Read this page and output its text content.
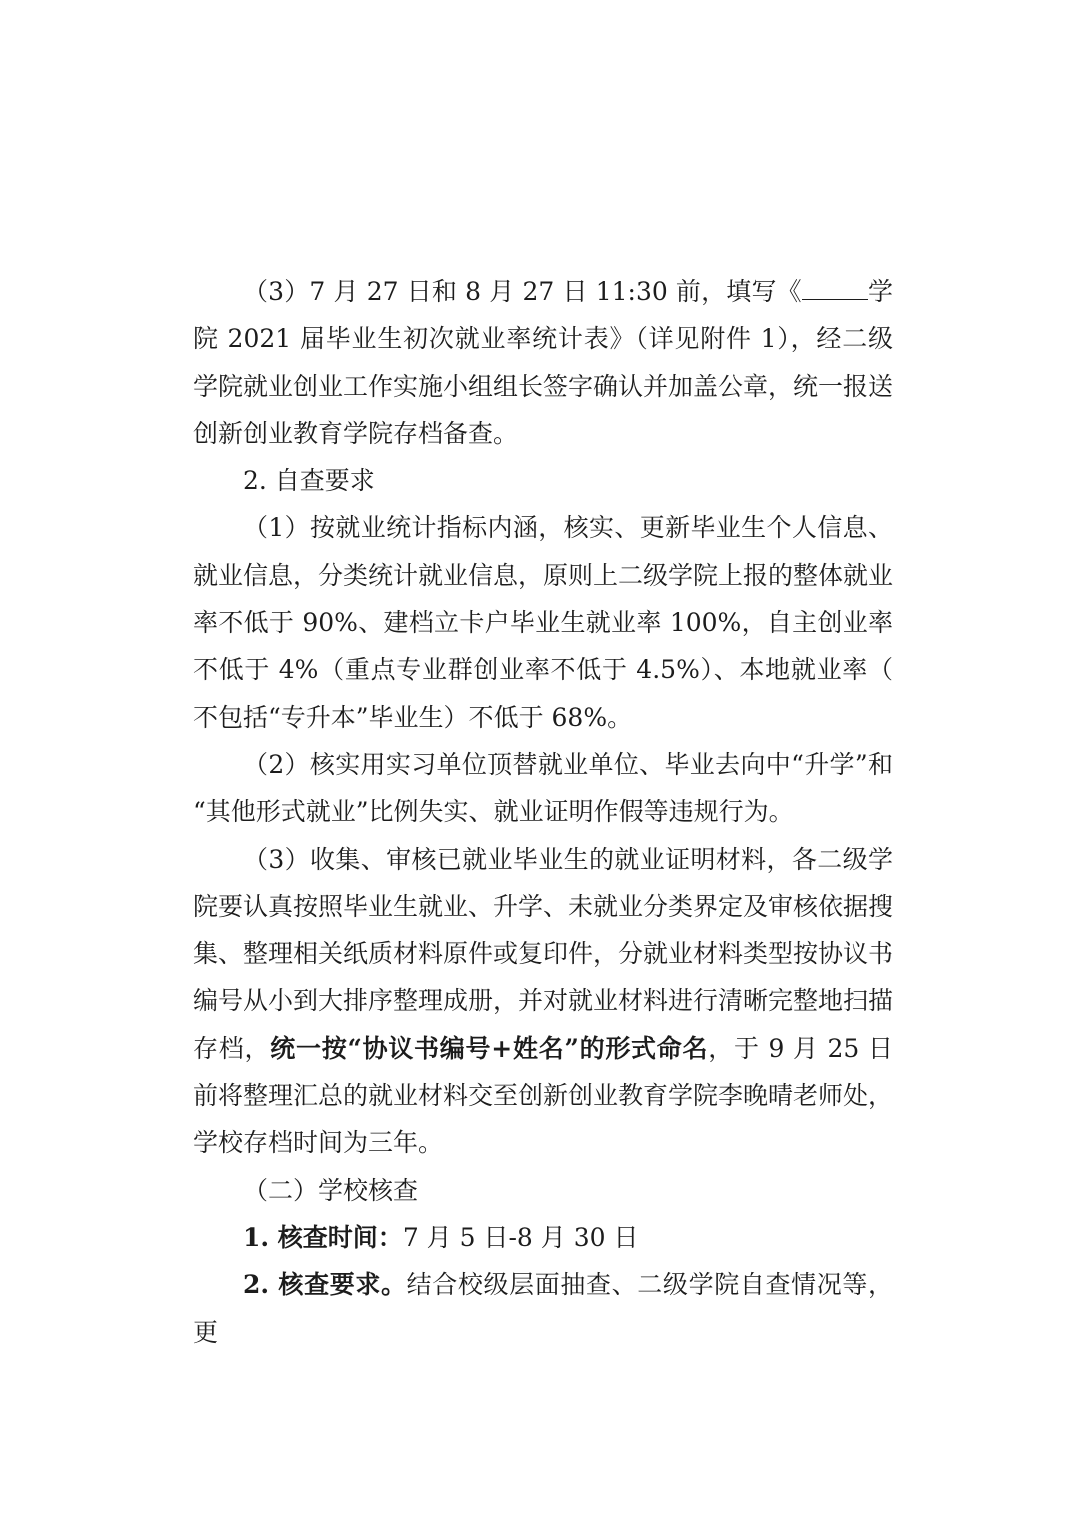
（3）7 月 27 日和 8 月 27 日 11:30 前，填写《	学院 2021 届毕业生初次就业率统计表》（详见附件 1），经二级学院就业创业工作实施小组组长签字确认并加盖公章，统一报送创新创业教育学院存档备查。

2. 自查要求

（1）按就业统计指标内涵，核实、更新毕业生个人信息、就业信息，分类统计就业信息，原则上二级学院上报的整体就业率不低于 90%、建档立卡户毕业生就业率 100%，自主创业率不低于 4%（重点专业群创业率不低于 4.5%）、本地就业率（不包括“专升本”毕业生）不低于 68%。

（2）核实用实习单位顶替就业单位、毕业去向中“升学”和“其他形式就业”比例失实、就业证明作假等违规行为。

（3）收集、审核已就业毕业生的就业证明材料，各二级学院要认真按照毕业生就业、升学、未就业分类界定及审核依据搜集、整理相关纸质材料原件或复印件，分就业材料类型按协议书编号从小到大排序整理成册，并对就业材料进行清晰完整地扫描存档，统一按“协议书编号+姓名”的形式命名，于 9 月 25 日前将整理汇总的就业材料交至创新创业教育学院李晚晴老师处，学校存档时间为三年。

（二）学校核查

1. 核查时间：7 月 5 日-8 月 30 日

2. 核查要求。结合校级层面抽查、二级学院自查情况等，更
